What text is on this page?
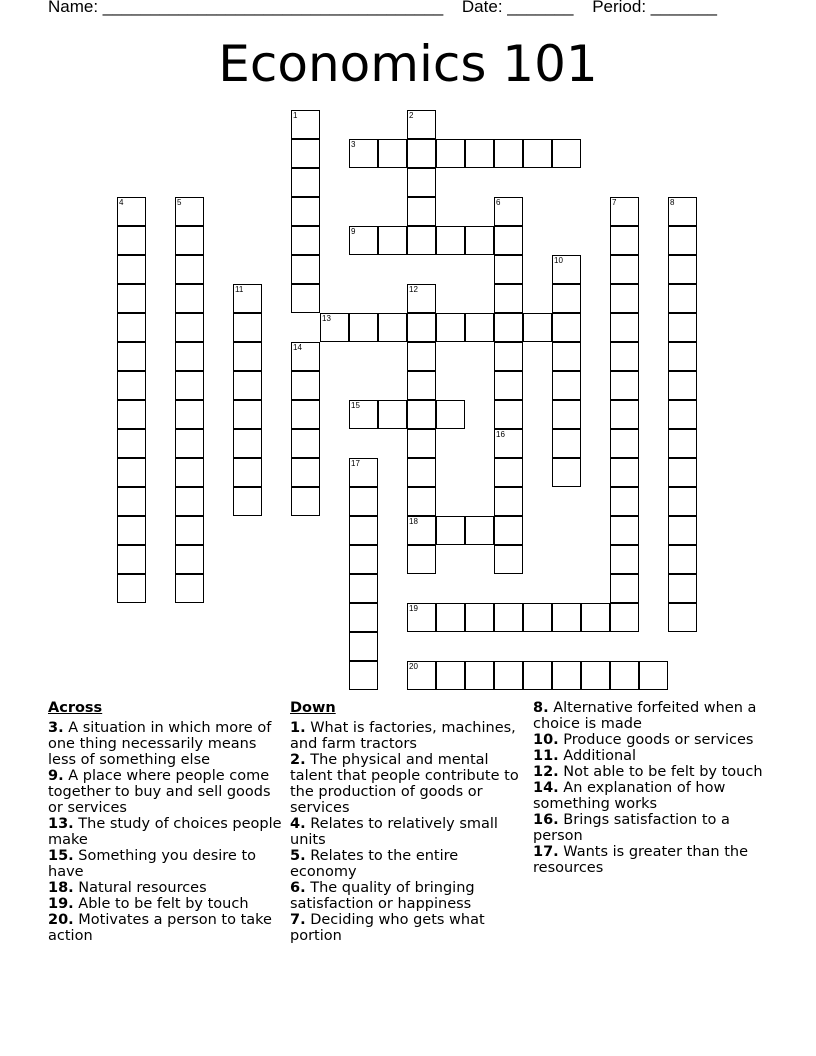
Name: ____________________________________ Date: _______ Period: _______
Economics 101
1	2
3
4	5	6	7	8
9
10
11	12
18
13
14
15
16
17
19
20
Across
3. A situation in which more of one thing necessarily means less of something else
9. A place where people come together to buy and sell goods or services
13. The study of choices people make
15. Something you desire to have
18. Natural resources
19. Able to be felt by touch
20. Motivates a person to take action
Down
1. What is factories, machines, and farm tractors
2. The physical and mental talent that people contribute to the production of goods or services
4. Relates to relatively small units
5. Relates to the entire economy
6. The quality of bringing satisfaction or happiness
7. Deciding who gets what portion
8. Alternative forfeited when a choice is made
10. Produce goods or services
11. Additional
12. Not able to be felt by touch
14. An explanation of how something works
16. Brings satisfaction to a person
17. Wants is greater than the resources
